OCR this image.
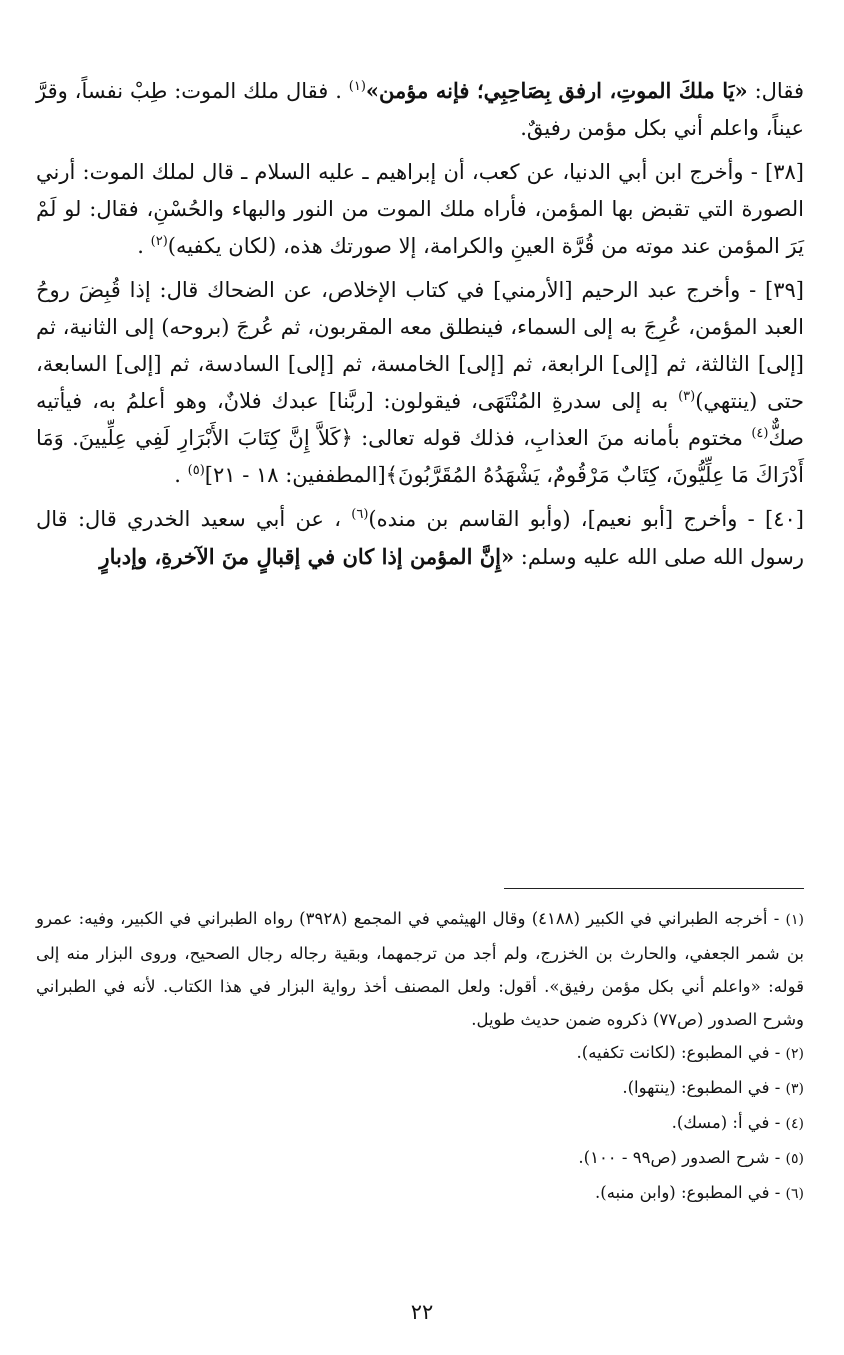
فقال: «يَا ملكَ الموتِ، ارفق بِصَاحِبِي؛ فإنه مؤمن»$^{(١)}$ . فقال ملك الموت: طِبْ نفساً، وقرَّ عيناً، واعلم أني بكل مؤمن رفيقٌ.

[٣٨] - وأخرج ابن أبي الدنيا، عن كعب، أن إبراهيم ـ عليه السلام ـ قال لملك الموت: أرني الصورة التي تقبض بها المؤمن، فأراه ملك الموت من النور والبهاء والحُسْنِ، فقال: لو لَمْ يَرَ المؤمن عند موته من قُرَّة العينِ والكرامة، إلا صورتك هذه، (لكان يكفيه)$^{(٢)}$ .

[٣٩] - وأخرج عبد الرحيم [الأرمني] في كتاب الإخلاص، عن الضحاك قال: إذا قُبِضَ روحُ العبد المؤمن، عُرِجَ به إلى السماء، فينطلق معه المقربون، ثم عُرجَ (بروحه) إلى الثانية، ثم [إلى] الثالثة، ثم [إلى] الرابعة، ثم [إلى] الخامسة، ثم [إلى] السادسة، ثم [إلى] السابعة، حتى (ينتهي)$^{(٣)}$ به إلى سدرةِ المُنْتَهَى، فيقولون: [ربَّنا] عبدك فلانٌ، وهو أعلمُ به، فيأتيه صكٌّ$^{(٤)}$ مختوم بأمانه منَ العذابِ، فذلك قوله تعالى: ﴿كَلاَّ إِنَّ كِتَابَ الأَبْرَارِ لَفِي عِلِّيينَ. وَمَا أَدْرَاكَ مَا عِلِّيُّونَ، كِتَابٌ مَرْقُومٌ، يَشْهَدُهُ المُقَرَّبُونَ﴾[المطففين: ١٨ - ٢١]$^{(٥)}$ .

[٤٠] - وأخرج [أبو نعيم]، (وأبو القاسم بن منده)$^{(٦)}$ ، عن أبي سعيد الخدري قال: قال رسول الله صلى الله عليه وسلم: «إِنَّ المؤمن إذا كان في إقبالٍ منَ الآخرةِ، وإدبارٍ

(١) - أخرجه الطبراني في الكبير (٤١٨٨) وقال الهيثمي في المجمع (٣٩٢٨) رواه الطبراني في الكبير، وفيه: عمرو بن شمر الجعفي، والحارث بن الخزرج، ولم أجد من ترجمهما، وبقية رجاله رجال الصحيح، وروى البزار منه إلى قوله: «واعلم أني بكل مؤمن رفيق». أقول: ولعل المصنف أخذ رواية البزار في هذا الكتاب. لأنه في الطبراني وشرح الصدور (ص٧٧) ذكروه ضمن حديث طويل.

(٢) - في المطبوع: (لكانت تكفيه).

(٣) - في المطبوع: (ينتهوا).

(٤) - في أ: (مسك).

(٥) - شرح الصدور (ص٩٩ - ١٠٠).

(٦) - في المطبوع: (وابن منبه).

٢٢
